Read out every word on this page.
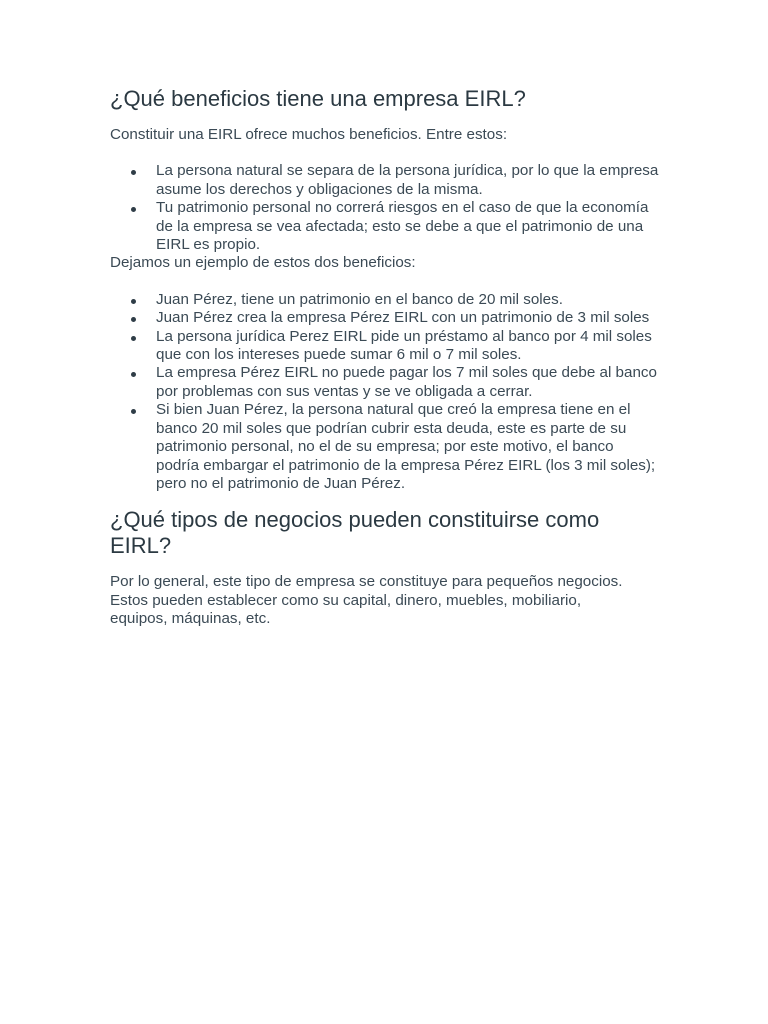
¿Qué beneficios tiene una empresa EIRL?

Constituir una EIRL ofrece muchos beneficios. Entre estos:

La persona natural se separa de la persona jurídica, por lo que la empresa asume los derechos y obligaciones de la misma.
Tu patrimonio personal no correrá riesgos en el caso de que la economía de la empresa se vea afectada; esto se debe a que el patrimonio de una EIRL es propio.

Dejamos un ejemplo de estos dos beneficios:

Juan Pérez, tiene un patrimonio en el banco de 20 mil soles.
Juan Pérez crea la empresa Pérez EIRL con un patrimonio de 3 mil soles
La persona jurídica Perez EIRL pide un préstamo al banco por 4 mil soles que con los intereses puede sumar 6 mil o 7 mil soles.
La empresa Pérez EIRL no puede pagar los 7 mil soles que debe al banco por problemas con sus ventas y se ve obligada a cerrar.
Si bien Juan Pérez, la persona natural que creó la empresa tiene en el banco 20 mil soles que podrían cubrir esta deuda, este es parte de su patrimonio personal, no el de su empresa; por este motivo, el banco podría embargar el patrimonio de la empresa Pérez EIRL (los 3 mil soles); pero no el patrimonio de Juan Pérez.
¿Qué tipos de negocios pueden constituirse como EIRL?

Por lo general, este tipo de empresa se constituye para pequeños negocios. Estos pueden establecer como su capital, dinero, muebles, mobiliario, equipos, máquinas, etc.
